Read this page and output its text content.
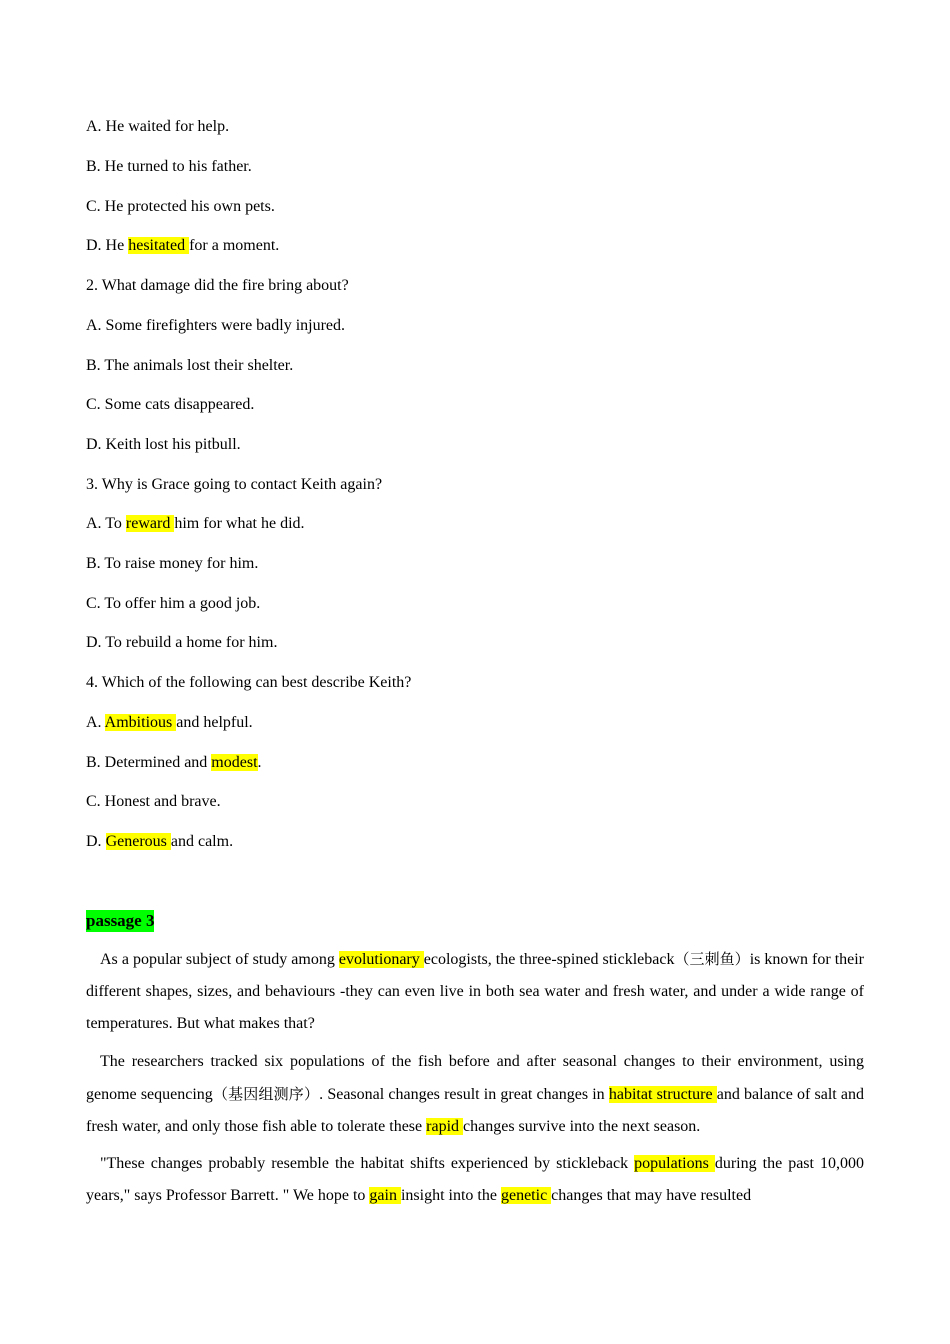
A. He waited for help.
B. He turned to his father.
C. He protected his own pets.
D. He hesitated for a moment.
2. What damage did the fire bring about?
A. Some firefighters were badly injured.
B. The animals lost their shelter.
C. Some cats disappeared.
D. Keith lost his pitbull.
3. Why is Grace going to contact Keith again?
A. To reward him for what he did.
B. To raise money for him.
C. To offer him a good job.
D. To rebuild a home for him.
4. Which of the following can best describe Keith?
A. Ambitious and helpful.
B. Determined and modest.
C. Honest and brave.
D. Generous and calm.
passage 3
As a popular subject of study among evolutionary ecologists, the three-spined stickleback（三刺鱼）is known for their different shapes, sizes, and behaviours -they can even live in both sea water and fresh water, and under a wide range of temperatures. But what makes that?
The researchers tracked six populations of the fish before and after seasonal changes to their environment, using genome sequencing（基因组测序）. Seasonal changes result in great changes in habitat structure and balance of salt and fresh water, and only those fish able to tolerate these rapid changes survive into the next season.
"These changes probably resemble the habitat shifts experienced by stickleback populations during the past 10,000 years," says Professor Barrett. " We hope to gain insight into the genetic changes that may have resulted
